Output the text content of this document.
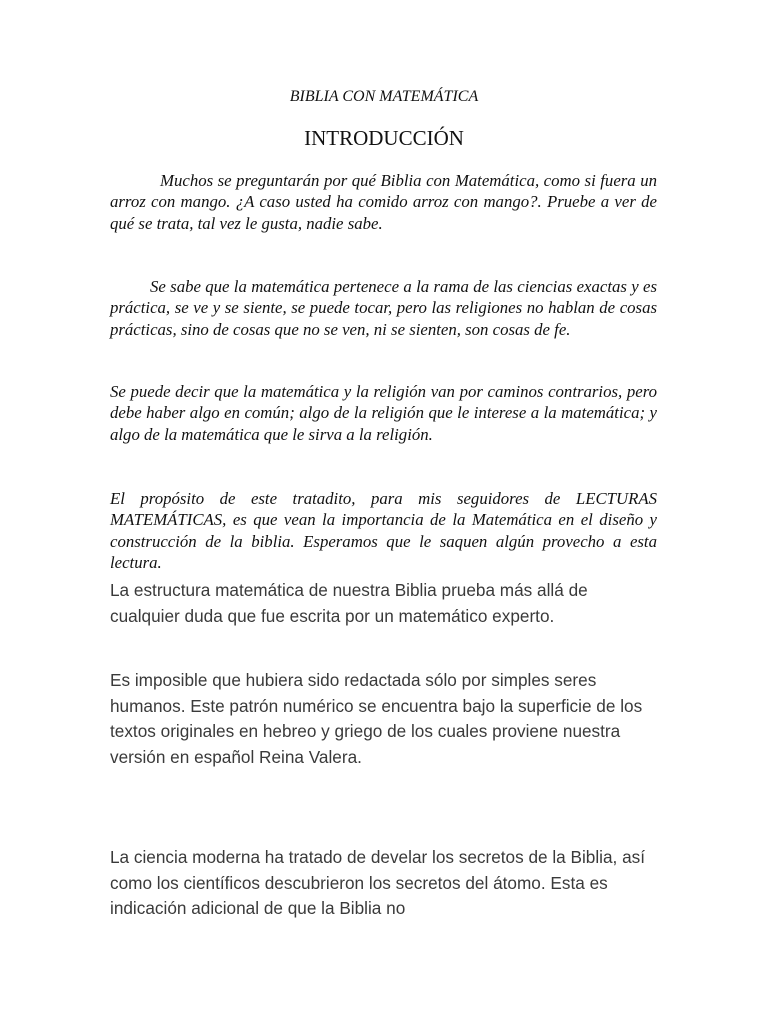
BIBLIA CON MATEMÁTICA
INTRODUCCIÓN

Muchos se preguntarán por qué Biblia con Matemática, como si fuera un arroz con mango. ¿A caso usted ha comido arroz con mango?. Pruebe a ver de qué se trata, tal vez le gusta, nadie sabe.

Se sabe que la matemática pertenece a la rama de las ciencias exactas y es práctica, se ve y se siente, se puede tocar, pero las religiones no hablan de cosas prácticas, sino de cosas que no se ven, ni se sienten, son cosas de fe.

Se puede decir que la matemática y la religión van por caminos contrarios, pero debe haber algo en común; algo de la religión que le interese a la matemática; y algo de la matemática que le sirva a la religión.

El propósito de este tratadito, para mis seguidores de LECTURAS MATEMÁTICAS, es que vean la importancia de la Matemática en el diseño y construcción de la biblia. Esperamos que le saquen algún provecho a esta lectura.

La estructura matemática de nuestra Biblia prueba más allá de cualquier duda que fue escrita por un matemático experto.

Es imposible que hubiera sido redactada sólo por simples seres humanos. Este patrón numérico se encuentra bajo la superficie de los textos originales en hebreo y griego de los cuales proviene nuestra versión en español Reina Valera.

La ciencia moderna ha tratado de develar los secretos de la Biblia, así como los científicos descubrieron los secretos del átomo. Esta es indicación adicional de que la Biblia no
